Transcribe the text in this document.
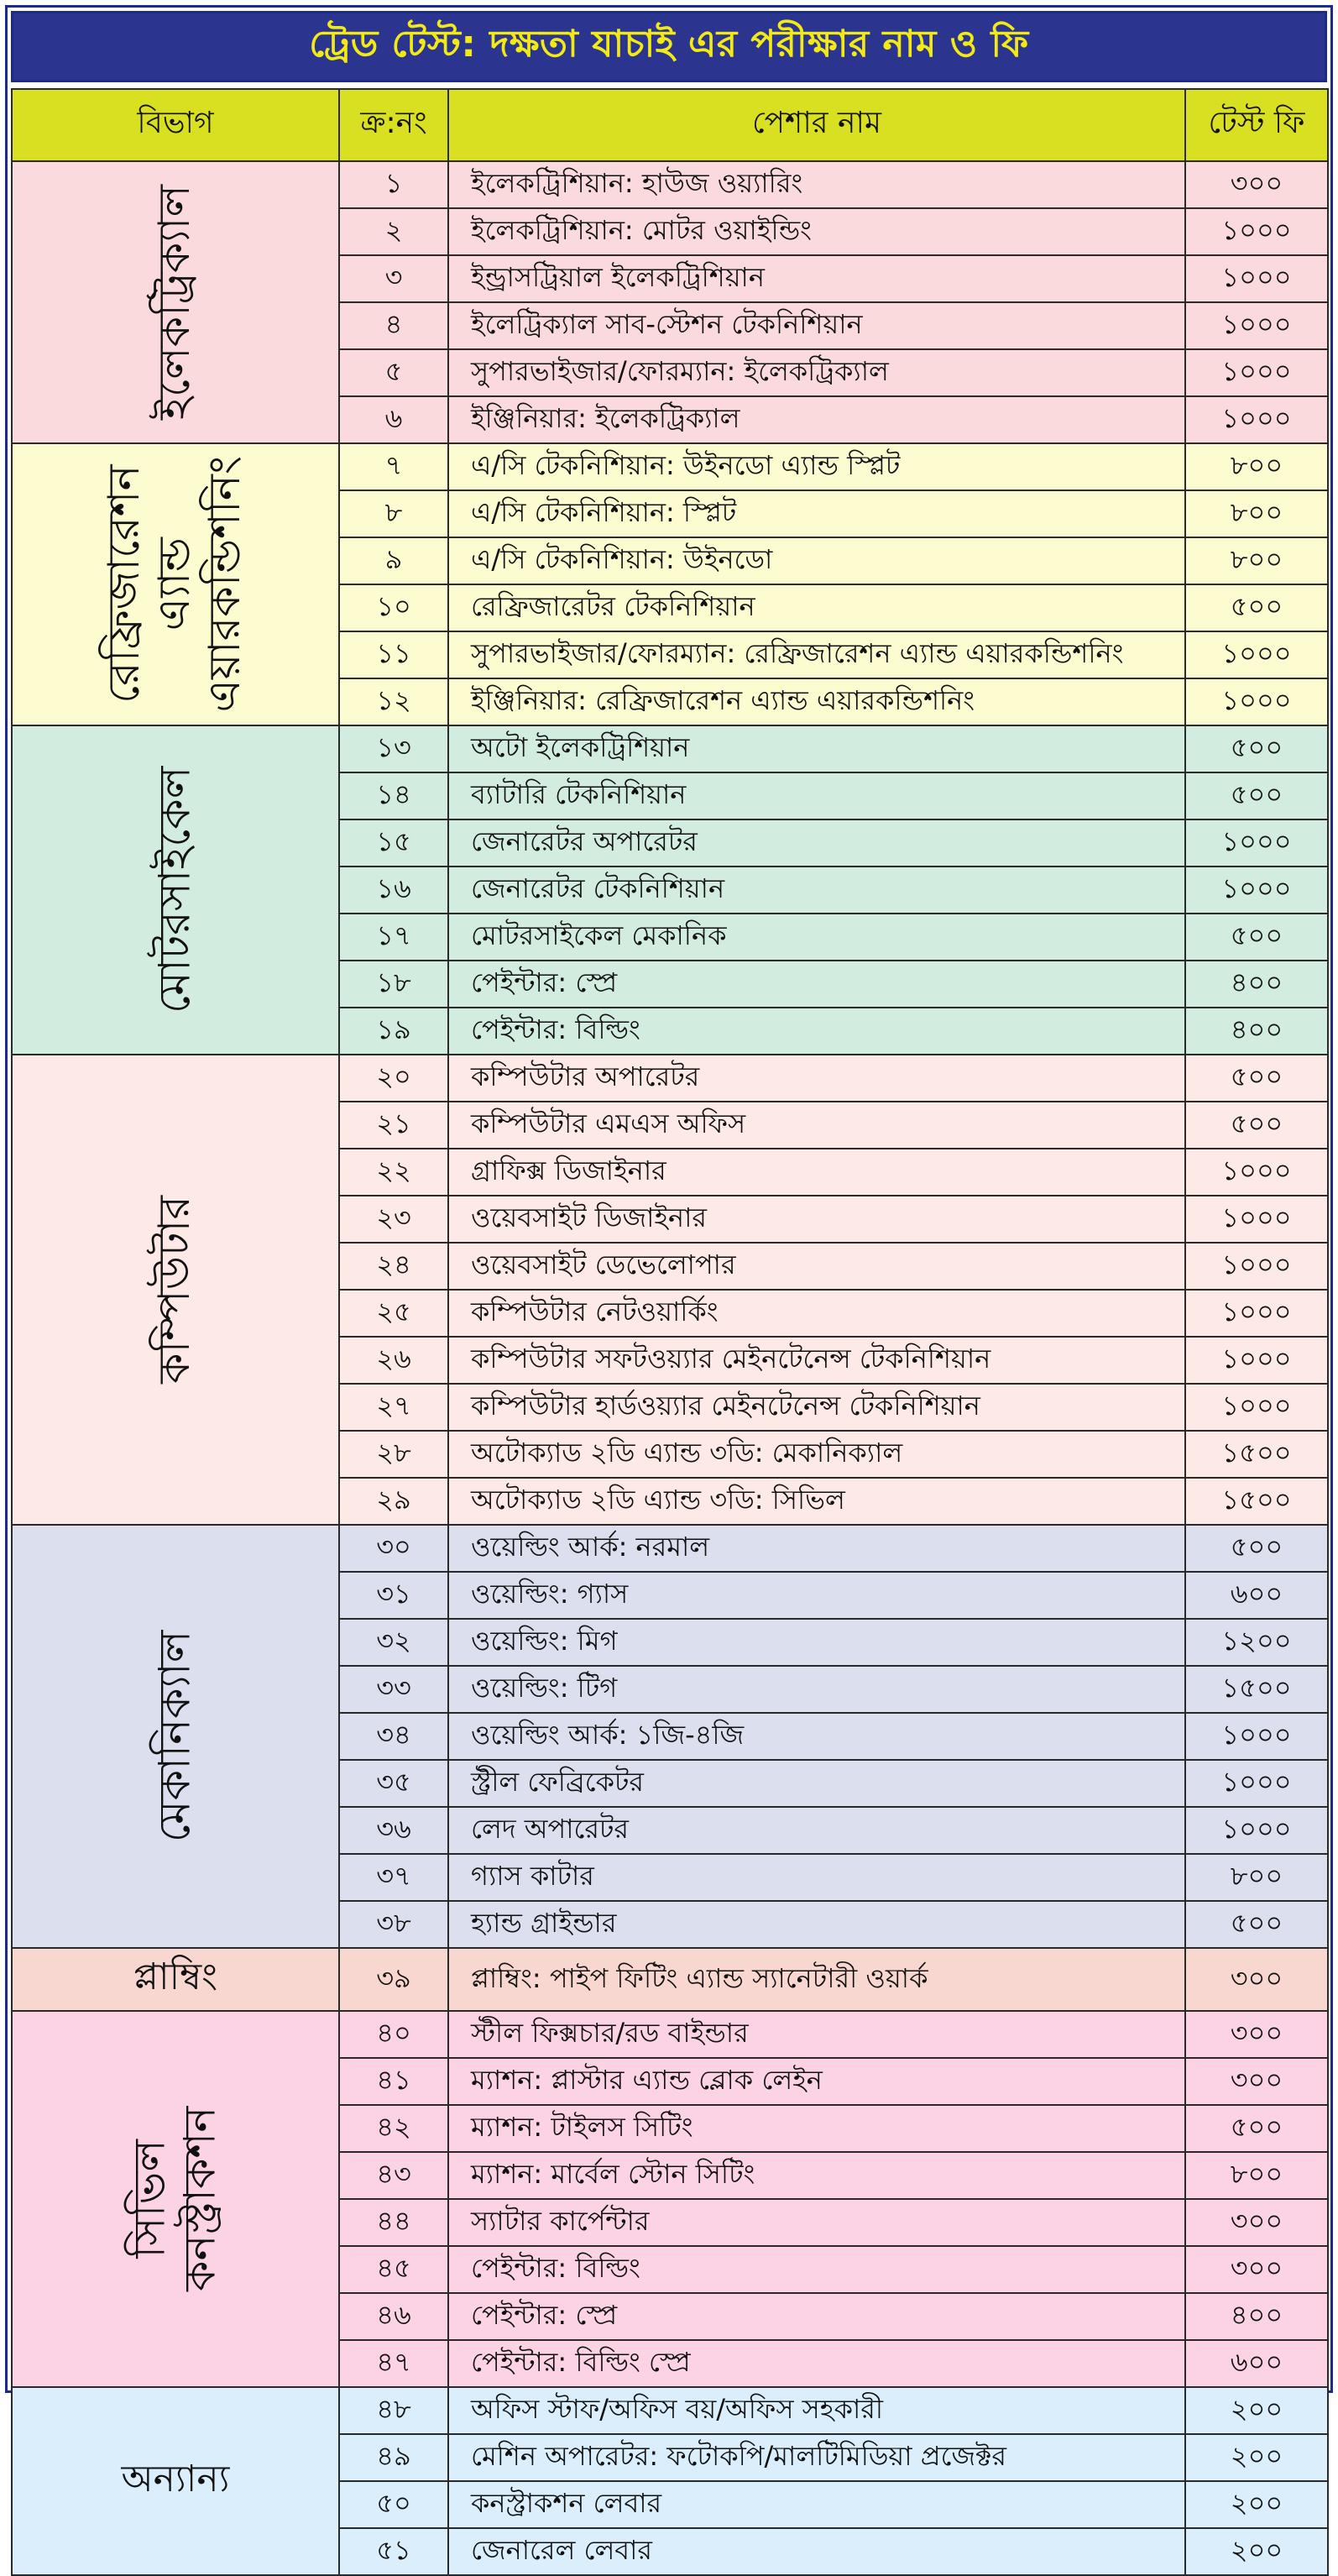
ট্রেড টেস্ট: দক্ষতা যাচাই এর পরীক্ষার নাম ও ফি
বিভাগ	ক্র:নং	পেশার নাম	টেস্ট ফি

ইলেকট্রিক্যাল	১	ইলেকট্রিশিয়ান: হাউজ ওয়্যারিং	৩০০
	২	ইলেকট্রিশিয়ান: মোটর ওয়াইন্ডিং	১০০০
	৩	ইন্ড্রাসট্রিয়াল ইলেকট্রিশিয়ান	১০০০
	৪	ইলেট্রিক্যাল সাব-স্টেশন টেকনিশিয়ান	১০০০
	৫	সুপারভাইজার/ফোরম্যান: ইলেকট্রিক্যাল	১০০০
	৬	ইঞ্জিনিয়ার: ইলেকট্রিক্যাল	১০০০

রেফ্রিজারেশন এ্যান্ড এয়ারকন্ডিশনিং	৭	এ/সি টেকনিশিয়ান: উইনডো এ্যান্ড স্প্লিট	৮০০
	৮	এ/সি টেকনিশিয়ান: স্প্লিট	৮০০
	৯	এ/সি টেকনিশিয়ান: উইনডো	৮০০
	১০	রেফ্রিজারেটর টেকনিশিয়ান	৫০০
	১১	সুপারভাইজার/ফোরম্যান: রেফ্রিজারেশন এ্যান্ড এয়ারকন্ডিশনিং	১০০০
	১২	ইঞ্জিনিয়ার: রেফ্রিজারেশন এ্যান্ড এয়ারকন্ডিশনিং	১০০০

মোটরসাইকেল	১৩	অটো ইলেকট্রিশিয়ান	৫০০
	১৪	ব্যাটারি টেকনিশিয়ান	৫০০
	১৫	জেনারেটর অপারেটর	১০০০
	১৬	জেনারেটর টেকনিশিয়ান	১০০০
	১৭	মোটরসাইকেল মেকানিক	৫০০
	১৮	পেইন্টার: স্প্রে	৪০০
	১৯	পেইন্টার: বিল্ডিং	৪০০

কম্পিউটার	২০	কম্পিউটার অপারেটর	৫০০
	২১	কম্পিউটার এমএস অফিস	৫০০
	২২	গ্রাফিক্স ডিজাইনার	১০০০
	২৩	ওয়েবসাইট ডিজাইনার	১০০০
	২৪	ওয়েবসাইট ডেভেলোপার	১০০০
	২৫	কম্পিউটার নেটওয়ার্কিং	১০০০
	২৬	কম্পিউটার সফটওয়্যার মেইনটেনেন্স টেকনিশিয়ান	১০০০
	২৭	কম্পিউটার হার্ডওয়্যার মেইনটেনেন্স টেকনিশিয়ান	১০০০
	২৮	অটোক্যাড ২ডি এ্যান্ড ৩ডি: মেকানিক্যাল	১৫০০
	২৯	অটোক্যাড ২ডি এ্যান্ড ৩ডি: সিভিল	১৫০০

মেকানিক্যাল	৩০	ওয়েল্ডিং আর্ক: নরমাল	৫০০
	৩১	ওয়েল্ডিং: গ্যাস	৬০০
	৩২	ওয়েল্ডিং: মিগ	১২০০
	৩৩	ওয়েল্ডিং: টিগ	১৫০০
	৩৪	ওয়েল্ডিং আর্ক: ১জি-৪জি	১০০০
	৩৫	স্ট্রীল ফেব্রিকেটর	১০০০
	৩৬	লেদ অপারেটর	১০০০
	৩৭	গ্যাস কাটার	৮০০
	৩৮	হ্যান্ড গ্রাইন্ডার	৫০০

প্লাম্বিং	৩৯	প্লাম্বিং: পাইপ ফিটিং এ্যান্ড স্যানেটারী ওয়ার্ক	৩০০

সিভিল কনস্ট্রাকশন	৪০	স্টীল ফিক্সচার/রড বাইন্ডার	৩০০
	৪১	ম্যাশন: প্লাস্টার এ্যান্ড ব্লোক লেইন	৩০০
	৪২	ম্যাশন: টাইলস সিটিং	৫০০
	৪৩	ম্যাশন: মার্বেল স্টোন সিটিং	৮০০
	৪৪	স্যাটার কার্পেন্টার	৩০০
	৪৫	পেইন্টার: বিল্ডিং	৩০০
	৪৬	পেইন্টার: স্প্রে	৪০০
	৪৭	পেইন্টার: বিল্ডিং স্প্রে	৬০০

অন্যান্য	৪৮	অফিস স্টাফ/অফিস বয়/অফিস সহকারী	২০০
	৪৯	মেশিন অপারেটর: ফটোকপি/মালটিমিডিয়া প্রজেক্টর	২০০
	৫০	কনস্ট্রাকশন লেবার	২০০
	৫১	জেনারেল লেবার	২০০
